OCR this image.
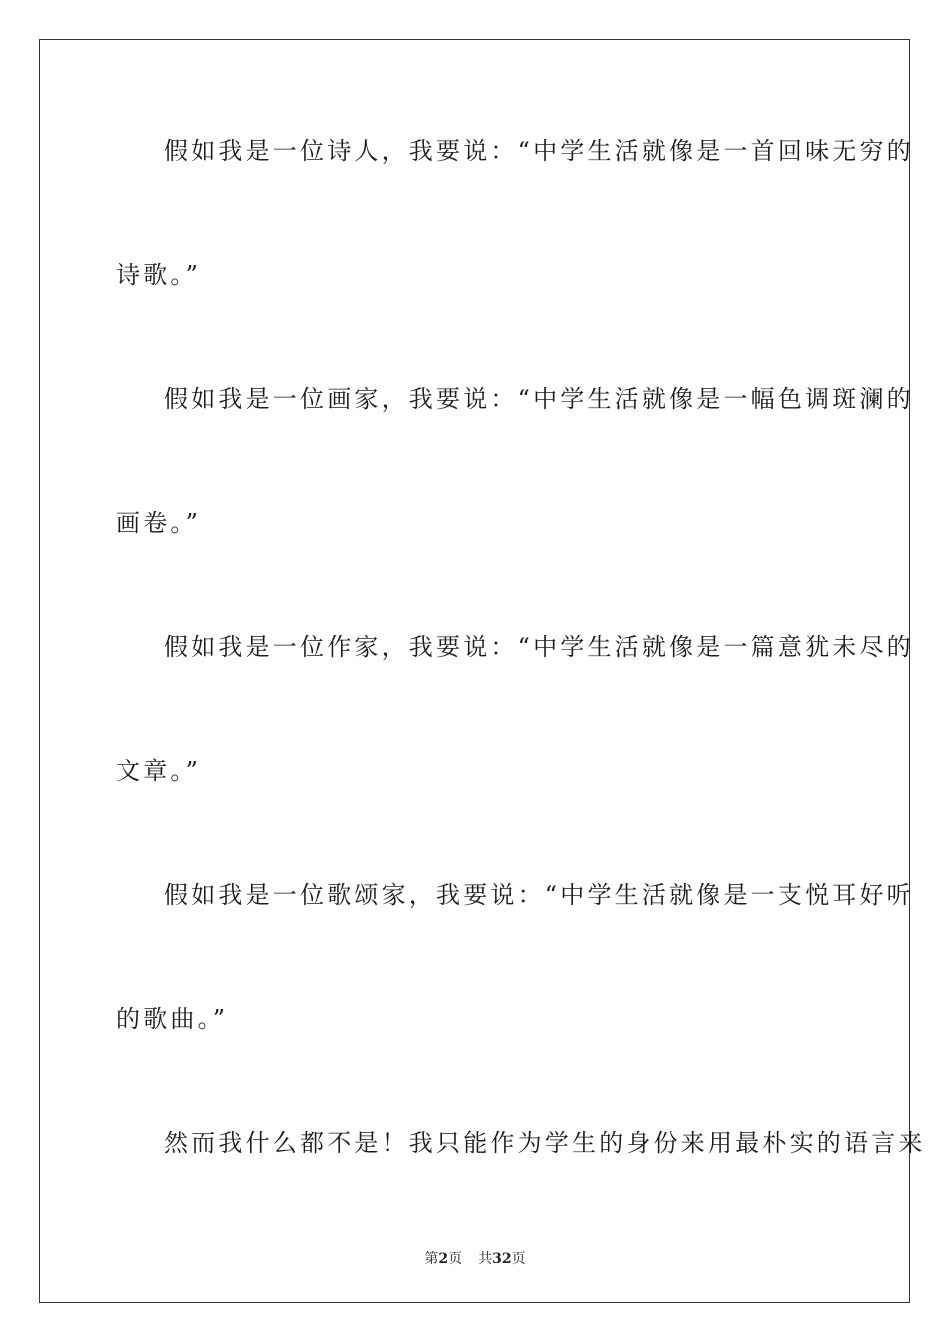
假如我是一位诗人，我要说：“中学生活就像是一首回味无穷的
诗歌。”
假如我是一位画家，我要说：“中学生活就像是一幅色调斑澜的
画卷。”
假如我是一位作家，我要说：“中学生活就像是一篇意犹未尽的
文章。”
假如我是一位歌颂家，我要说：“中学生活就像是一支悦耳好听
的歌曲。”
然而我什么都不是！我只能作为学生的身份来用最朴实的语言来
第2页 共32页
